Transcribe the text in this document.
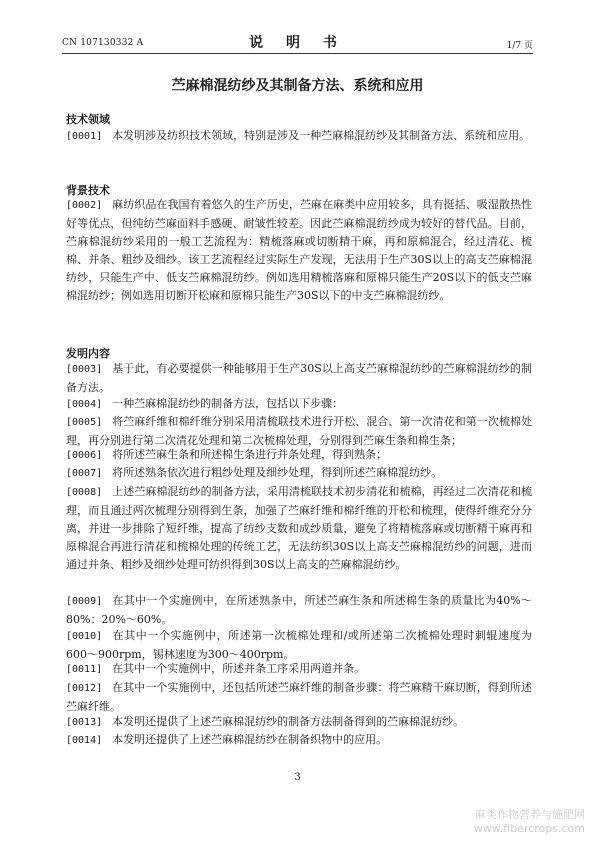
CN 107130332 A	说 明 书	1/7 页
苎麻棉混纺纱及其制备方法、系统和应用
技术领域
[0001] 本发明涉及纺织技术领域，特别是涉及一种苎麻棉混纺纱及其制备方法、系统和应用。
背景技术
[0002] 麻纺织品在我国有着悠久的生产历史，苎麻在麻类中应用较多，具有挺括、吸湿散热性好等优点，但纯纺苎麻面料手感硬、耐皱性较差。因此苎麻棉混纺纱成为较好的替代品。目前，苎麻棉混纺纱采用的一般工艺流程为：精梳落麻或切断精干麻，再和原棉混合，经过清花、梳棉、并条、粗纱及细纱。该工艺流程经过实际生产发现，无法用于生产30S以上的高支苎麻棉混纺纱，只能生产中、低支苎麻棉混纺纱。例如选用精梳落麻和原棉只能生产20S以下的低支苎麻棉混纺纱；例如选用切断开松麻和原棉只能生产30S以下的中支苎麻棉混纺纱。
发明内容
[0003] 基于此，有必要提供一种能够用于生产30S以上高支苎麻棉混纺纱的苎麻棉混纺纱的制备方法。
[0004] 一种苎麻棉混纺纱的制备方法，包括以下步骤：
[0005] 将苎麻纤维和棉纤维分别采用清梳联技术进行开松、混合、第一次清花和第一次梳棉处理，再分别进行第二次清花处理和第二次梳棉处理，分别得到苎麻生条和棉生条；
[0006] 将所述苎麻生条和所述棉生条进行并条处理，得到熟条；
[0007] 将所述熟条依次进行粗纱处理及细纱处理，得到所述苎麻棉混纺纱。
[0008] 上述苎麻棉混纺纱的制备方法，采用清梳联技术初步清花和梳棉，再经过二次清花和梳理，而且通过两次梳理分别得到生条，加强了苎麻纤维和棉纤维的开松和梳理，使得纤维充分分离，并进一步排除了短纤维，提高了纺纱支数和成纱质量，避免了将精梳落麻或切断精干麻再和原棉混合再进行清花和梳棉处理的传统工艺，无法纺织30S以上高支苎麻棉混纺纱的问题，进而通过并条、粗纱及细纱处理可纺织得到30S以上高支的苎麻棉混纺纱。
[0009] 在其中一个实施例中，在所述熟条中，所述苎麻生条和所述棉生条的质量比为40%～80%：20%～60%。
[0010] 在其中一个实施例中，所述第一次梳棉处理和/或所述第二次梳棉处理时刺辊速度为600～900rpm，锡林速度为300～400rpm。
[0011] 在其中一个实施例中，所述并条工序采用两道并条。
[0012] 在其中一个实施例中，还包括所述苎麻纤维的制备步骤：将苎麻精干麻切断，得到所述苎麻纤维。
[0013] 本发明还提供了上述苎麻棉混纺纱的制备方法制备得到的苎麻棉混纺纱。
[0014] 本发明还提供了上述苎麻棉混纺纱在制备织物中的应用。
3
麻类作物营养与施肥网
www.fibercrops.com
